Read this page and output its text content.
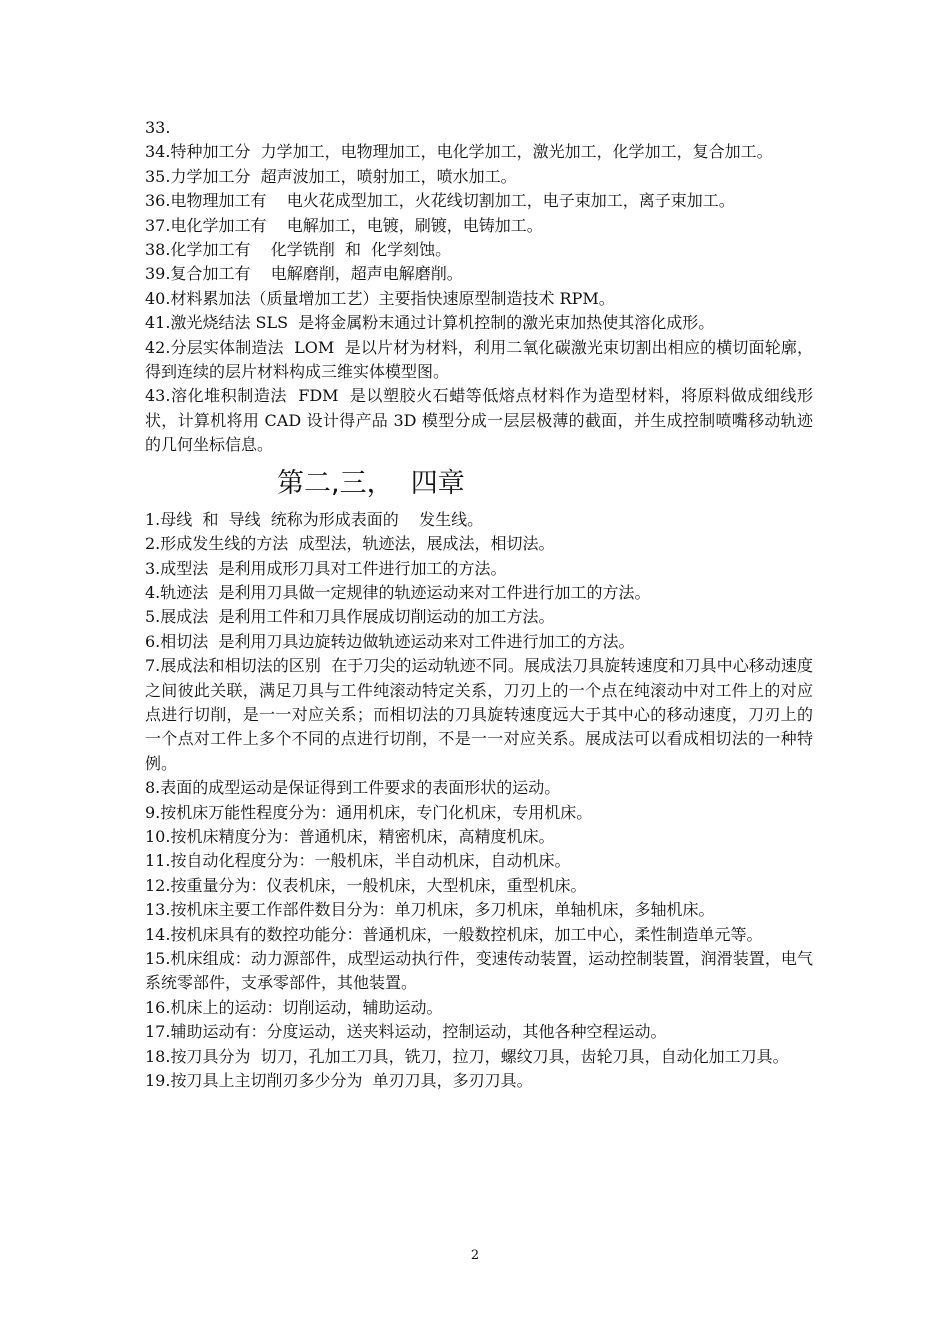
33.

34.特种加工分  力学加工，电物理加工，电化学加工，激光加工，化学加工，复合加工。

35.力学加工分  超声波加工，喷射加工，喷水加工。

36.电物理加工有    电火花成型加工，火花线切割加工，电子束加工，离子束加工。

37.电化学加工有    电解加工，电镀，刷镀，电铸加工。

38.化学加工有    化学铣削  和  化学刻蚀。

39.复合加工有    电解磨削，超声电解磨削。

40.材料累加法（质量增加工艺）主要指快速原型制造技术 RPM。

41.激光烧结法 SLS  是将金属粉末通过计算机控制的激光束加热使其溶化成形。

42.分层实体制造法  LOM  是以片材为材料，利用二氧化碳激光束切割出相应的横切面轮廓，得到连续的层片材料构成三维实体模型图。

43.溶化堆积制造法  FDM  是以塑胶火石蜡等低熔点材料作为造型材料，将原料做成细线形状，计算机将用 CAD 设计得产品 3D 模型分成一层层极薄的截面，并生成控制喷嘴移动轨迹的几何坐标信息。

第二,三，  四章

1.母线  和  导线  统称为形成表面的    发生线。

2.形成发生线的方法  成型法，轨迹法，展成法，相切法。

3.成型法  是利用成形刀具对工件进行加工的方法。

4.轨迹法  是利用刀具做一定规律的轨迹运动来对工件进行加工的方法。

5.展成法  是利用工件和刀具作展成切削运动的加工方法。

6.相切法  是利用刀具边旋转边做轨迹运动来对工件进行加工的方法。

7.展成法和相切法的区别  在于刀尖的运动轨迹不同。展成法刀具旋转速度和刀具中心移动速度之间彼此关联，满足刀具与工件纯滚动特定关系，刀刃上的一个点在纯滚动中对工件上的对应点进行切削，是一一对应关系；而相切法的刀具旋转速度远大于其中心的移动速度，刀刃上的一个点对工件上多个不同的点进行切削，不是一一对应关系。展成法可以看成相切法的一种特例。

8.表面的成型运动是保证得到工件要求的表面形状的运动。

9.按机床万能性程度分为：通用机床，专门化机床，专用机床。

10.按机床精度分为：普通机床，精密机床，高精度机床。

11.按自动化程度分为：一般机床，半自动机床，自动机床。

12.按重量分为：仪表机床，一般机床，大型机床，重型机床。

13.按机床主要工作部件数目分为：单刀机床，多刀机床，单轴机床，多轴机床。

14.按机床具有的数控功能分：普通机床，一般数控机床，加工中心，柔性制造单元等。

15.机床组成：动力源部件，成型运动执行件，变速传动装置，运动控制装置，润滑装置，电气系统零部件，支承零部件，其他装置。

16.机床上的运动：切削运动，辅助运动。

17.辅助运动有：分度运动，送夹料运动，控制运动，其他各种空程运动。

18.按刀具分为  切刀，孔加工刀具，铣刀，拉刀，螺纹刀具，齿轮刀具，自动化加工刀具。

19.按刀具上主切削刃多少分为  单刃刀具，多刃刀具。

2
